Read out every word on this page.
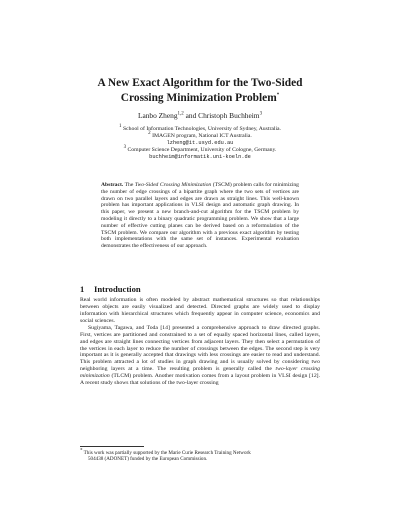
A New Exact Algorithm for the Two-Sided
Crossing Minimization Problem*
Lanbo Zheng$^{1,2}$ and Christoph Buchheim$^3$
$^1$ School of Information Technologies, University of Sydney, Australia.
$^2$ IMAGEN program, National ICT Australia.
lzheng@it.usyd.edu.au
$^3$ Computer Science Department, University of Cologne, Germany.
buchheim@informatik.uni-koeln.de
Abstract. The Two-Sided Crossing Minimization (TSCM) problem calls for minimizing the number of edge crossings of a bipartite graph where the two sets of vertices are drawn on two parallel layers and edges are drawn as straight lines. This well-known problem has important applications in VLSI design and automatic graph drawing. In this paper, we present a new branch-and-cut algorithm for the TSCM problem by modeling it directly to a binary quadratic programming problem. We show that a large number of effective cutting planes can be derived based on a reformulation of the TSCM problem. We compare our algorithm with a previous exact algorithm by testing both implementations with the same set of instances. Experimental evaluation demonstrates the effectiveness of our approach.
1 Introduction

Real world information is often modeled by abstract mathematical structures so that relationships between objects are easily visualized and detected. Directed graphs are widely used to display information with hierarchical structures which frequently appear in computer science, economics and social sciences.

Sugiyama, Tagawa, and Toda [14] presented a comprehensive approach to draw directed graphs. First, vertices are partitioned and constrained to a set of equally spaced horizontal lines, called layers, and edges are straight lines connecting vertices from adjacent layers. They then select a permutation of the vertices in each layer to reduce the number of crossings between the edges. The second step is very important as it is generally accepted that drawings with less crossings are easier to read and understand. This problem attracted a lot of studies in graph drawing and is usually solved by considering two neighboring layers at a time. The resulting problem is generally called the two-layer crossing minimization (TLCM) problem. Another motivation comes from a layout problem in VLSI design [12]. A recent study shows that solutions of the two-layer crossing

* This work was partially supported by the Marie Curie Research Training Network
504438 (ADONET) funded by the European Commission.
